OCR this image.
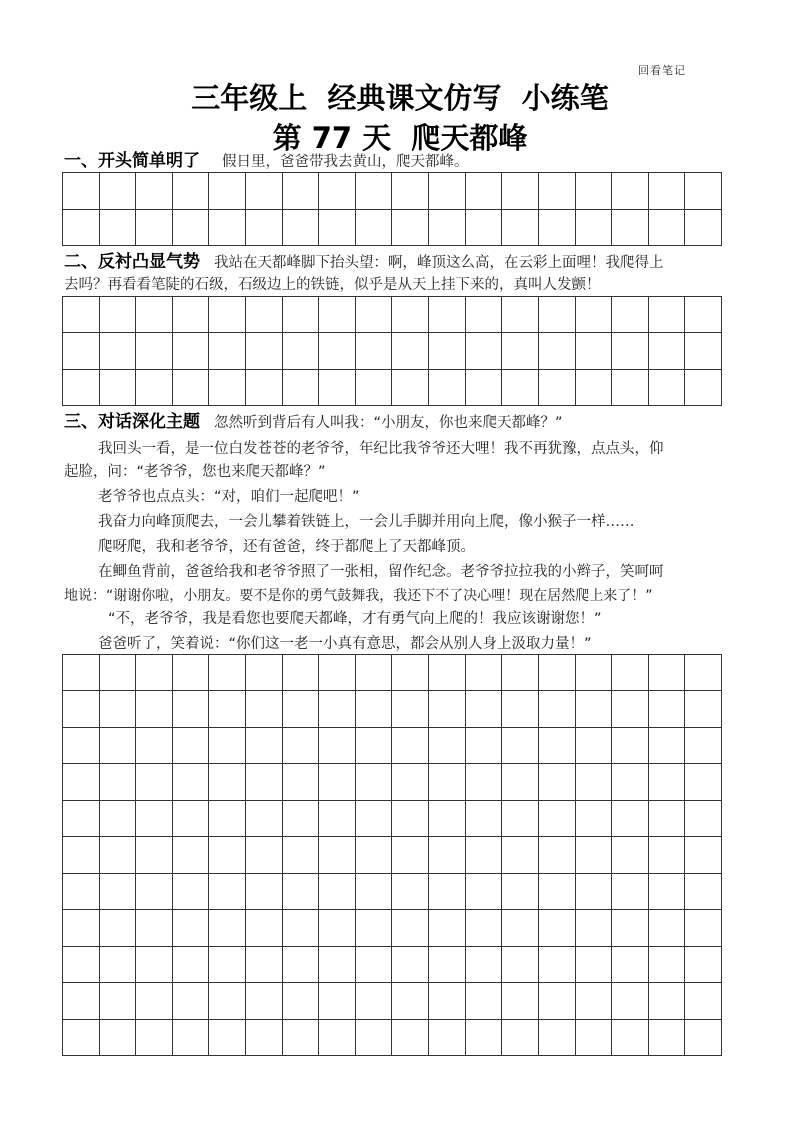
回看笔记
三年级上  经典课文仿写  小练笔
第 77 天  爬天都峰
一、开头简单明了 假日里，爸爸带我去黄山，爬天都峰。
二、反衬凸显气势 我站在天都峰脚下抬头望：啊，峰顶这么高，在云彩上面哩！我爬得上
去吗？再看看笔陡的石级，石级边上的铁链，似乎是从天上挂下来的，真叫人发颤！
三、对话深化主题 忽然听到背后有人叫我：“小朋友，你也来爬天都峰？”
我回头一看，是一位白发苍苍的老爷爷，年纪比我爷爷还大哩！我不再犹豫，点点头，仰
起脸，问：“老爷爷，您也来爬天都峰？”
老爷爷也点点头：“对，咱们一起爬吧！”
我奋力向峰顶爬去，一会儿攀着铁链上，一会儿手脚并用向上爬，像小猴子一样……
爬呀爬，我和老爷爷，还有爸爸，终于都爬上了天都峰顶。
在鲫鱼背前，爸爸给我和老爷爷照了一张相，留作纪念。老爷爷拉拉我的小辫子，笑呵呵
地说：“谢谢你啦，小朋友。要不是你的勇气鼓舞我，我还下不了决心哩！现在居然爬上来了！”
“不，老爷爷，我是看您也要爬天都峰，才有勇气向上爬的！我应该谢谢您！”
爸爸听了，笑着说：“你们这一老一小真有意思，都会从别人身上汲取力量！”
